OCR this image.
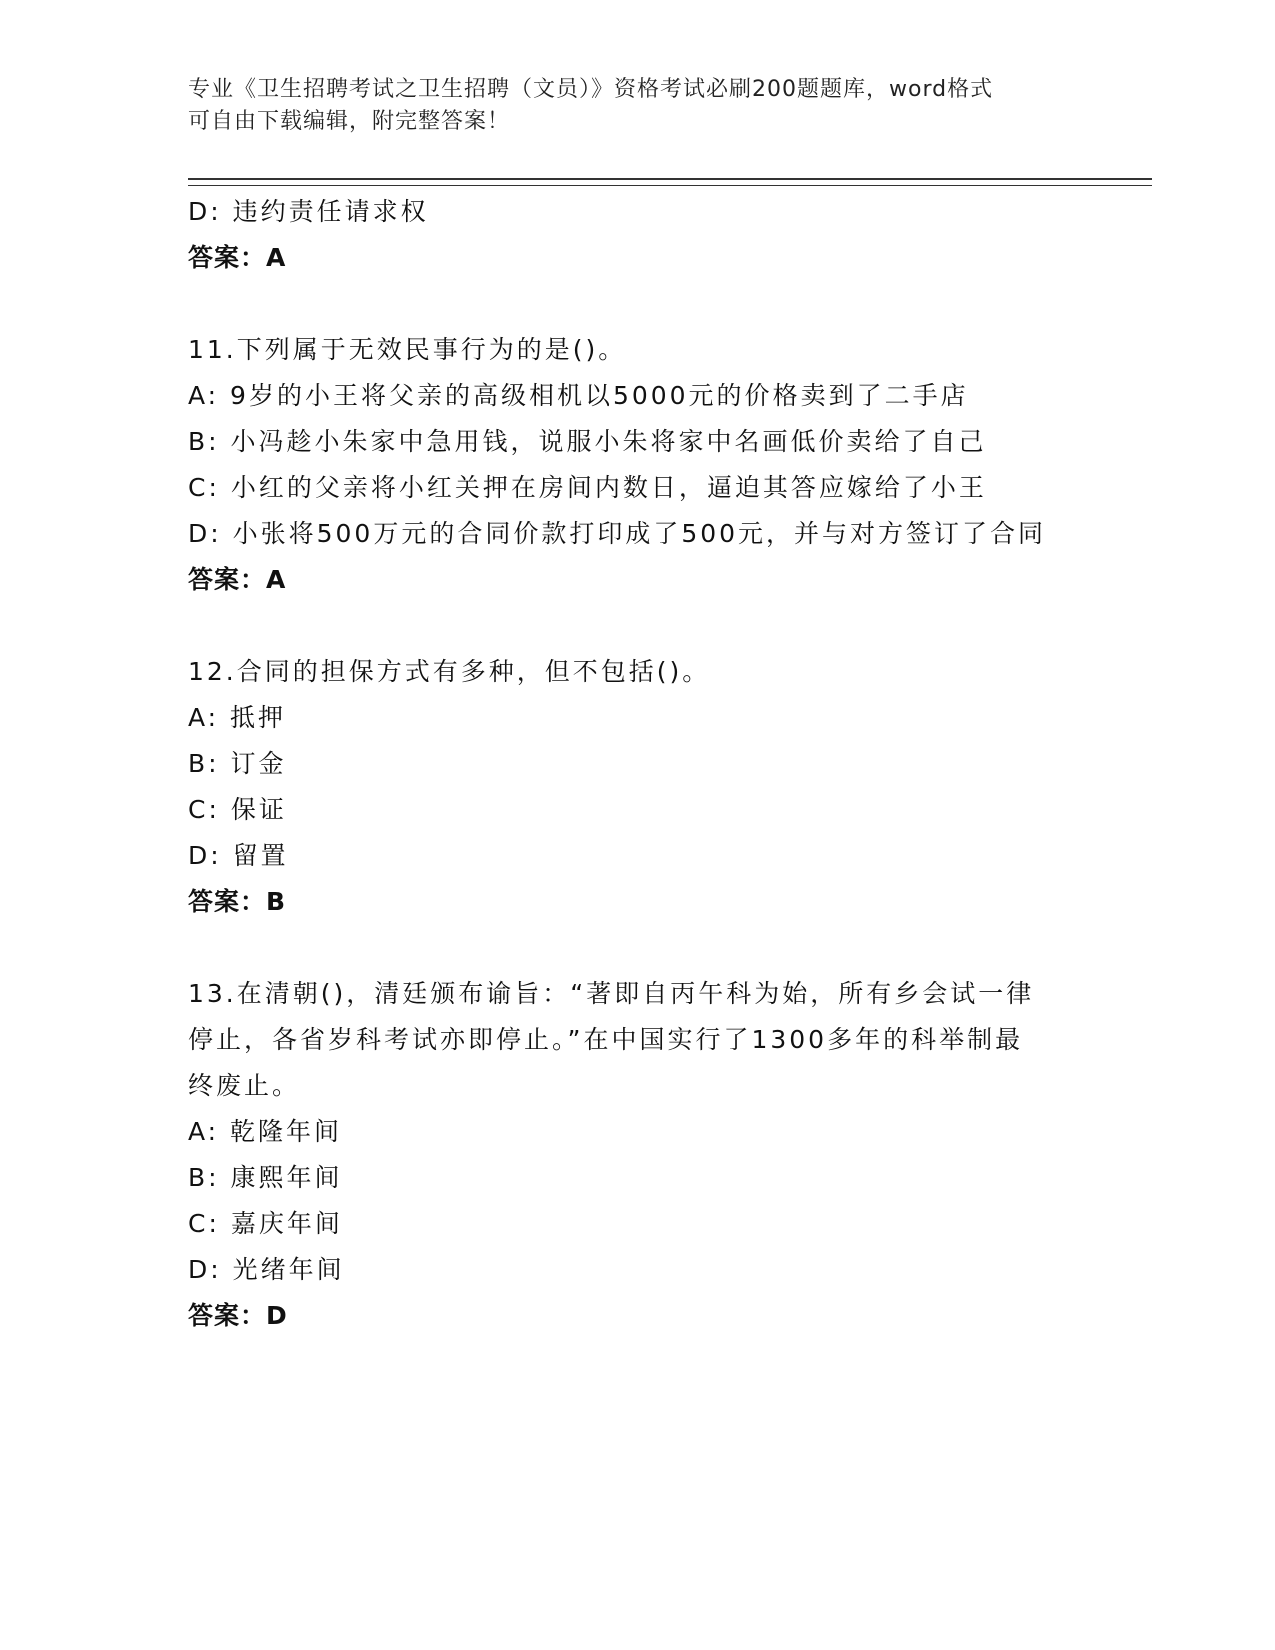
专业《卫生招聘考试之卫生招聘（文员）》资格考试必刷200题题库，word格式
可自由下载编辑，附完整答案！
D: 违约责任请求权
答案：A
11.下列属于无效民事行为的是()。
A: 9岁的小王将父亲的高级相机以5000元的价格卖到了二手店
B: 小冯趁小朱家中急用钱，说服小朱将家中名画低价卖给了自己
C: 小红的父亲将小红关押在房间内数日，逼迫其答应嫁给了小王
D: 小张将500万元的合同价款打印成了500元，并与对方签订了合同
答案：A
12.合同的担保方式有多种，但不包括()。
A: 抵押
B: 订金
C: 保证
D: 留置
答案：B
13.在清朝()，清廷颁布谕旨：“著即自丙午科为始，所有乡会试一律
停止，各省岁科考试亦即停止。”在中国实行了1300多年的科举制最
终废止。
A: 乾隆年间
B: 康熙年间
C: 嘉庆年间
D: 光绪年间
答案：D
